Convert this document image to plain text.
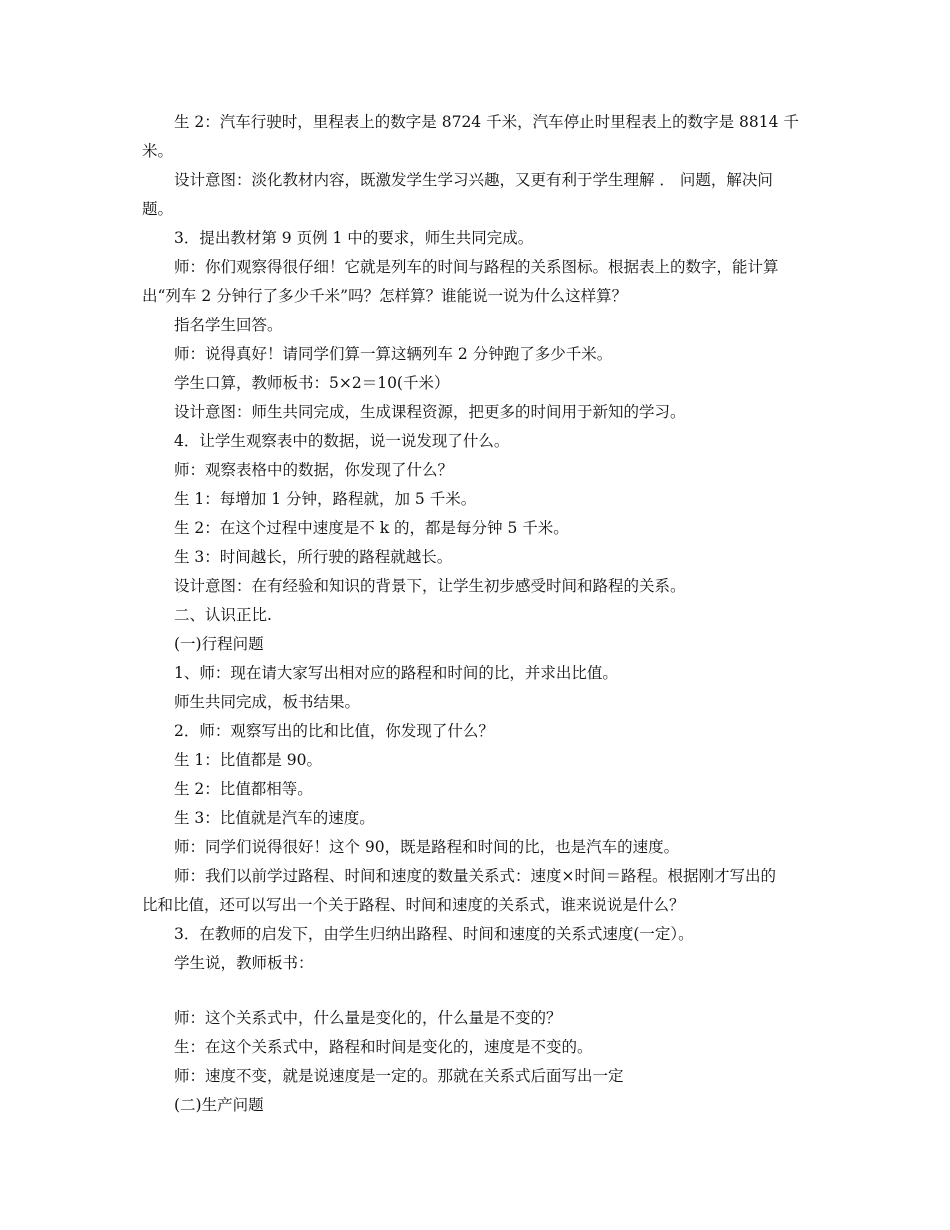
生 2：汽车行驶时，里程表上的数字是 8724 千米，汽车停止时里程表上的数字是 8814 千
米。
设计意图：淡化教材内容，既激发学生学习兴趣，又更有利于学生理解 ． 问题，解决问
题。
3．提出教材第 9 页例 1 中的要求，师生共同完成。
师：你们观察得很仔细！它就是列车的时间与路程的关系图标。根据表上的数字，能计算
出“列车 2 分钟行了多少千米”吗？怎样算？谁能说一说为什么这样算？
指名学生回答。
师：说得真好！请同学们算一算这辆列车 2 分钟跑了多少千米。
学生口算，教师板书：5×2＝10(千米）
设计意图：师生共同完成，生成课程资源，把更多的时间用于新知的学习。
4．让学生观察表中的数据，说一说发现了什么。
师：观察表格中的数据，你发现了什么？
生 1：每增加 1 分钟，路程就，加 5 千米。
生 2：在这个过程中速度是不 k 的，都是每分钟 5 千米。
生 3：时间越长，所行驶的路程就越长。
设计意图：在有经验和知识的背景下，让学生初步感受时间和路程的关系。
二、认识正比.
(一)行程问题
1、师：现在请大家写出相对应的路程和时间的比，并求出比值。
师生共同完成，板书结果。
2．师：观察写出的比和比值，你发现了什么？
生 1：比值都是 90。
生 2：比值都相等。
生 3：比值就是汽车的速度。
师：同学们说得很好！这个 90，既是路程和时间的比，也是汽车的速度。
师：我们以前学过路程、时间和速度的数量关系式：速度×时间＝路程。根据刚才写出的
比和比值，还可以写出一个关于路程、时间和速度的关系式，谁来说说是什么？
3．在教师的启发下，由学生归纳出路程、时间和速度的关系式速度(一定）。
学生说，教师板书：
师：这个关系式中，什么量是变化的，什么量是不变的？
生：在这个关系式中，路程和时间是变化的，速度是不变的。
师：速度不变，就是说速度是一定的。那就在关系式后面写出一定
(二)生产问题
